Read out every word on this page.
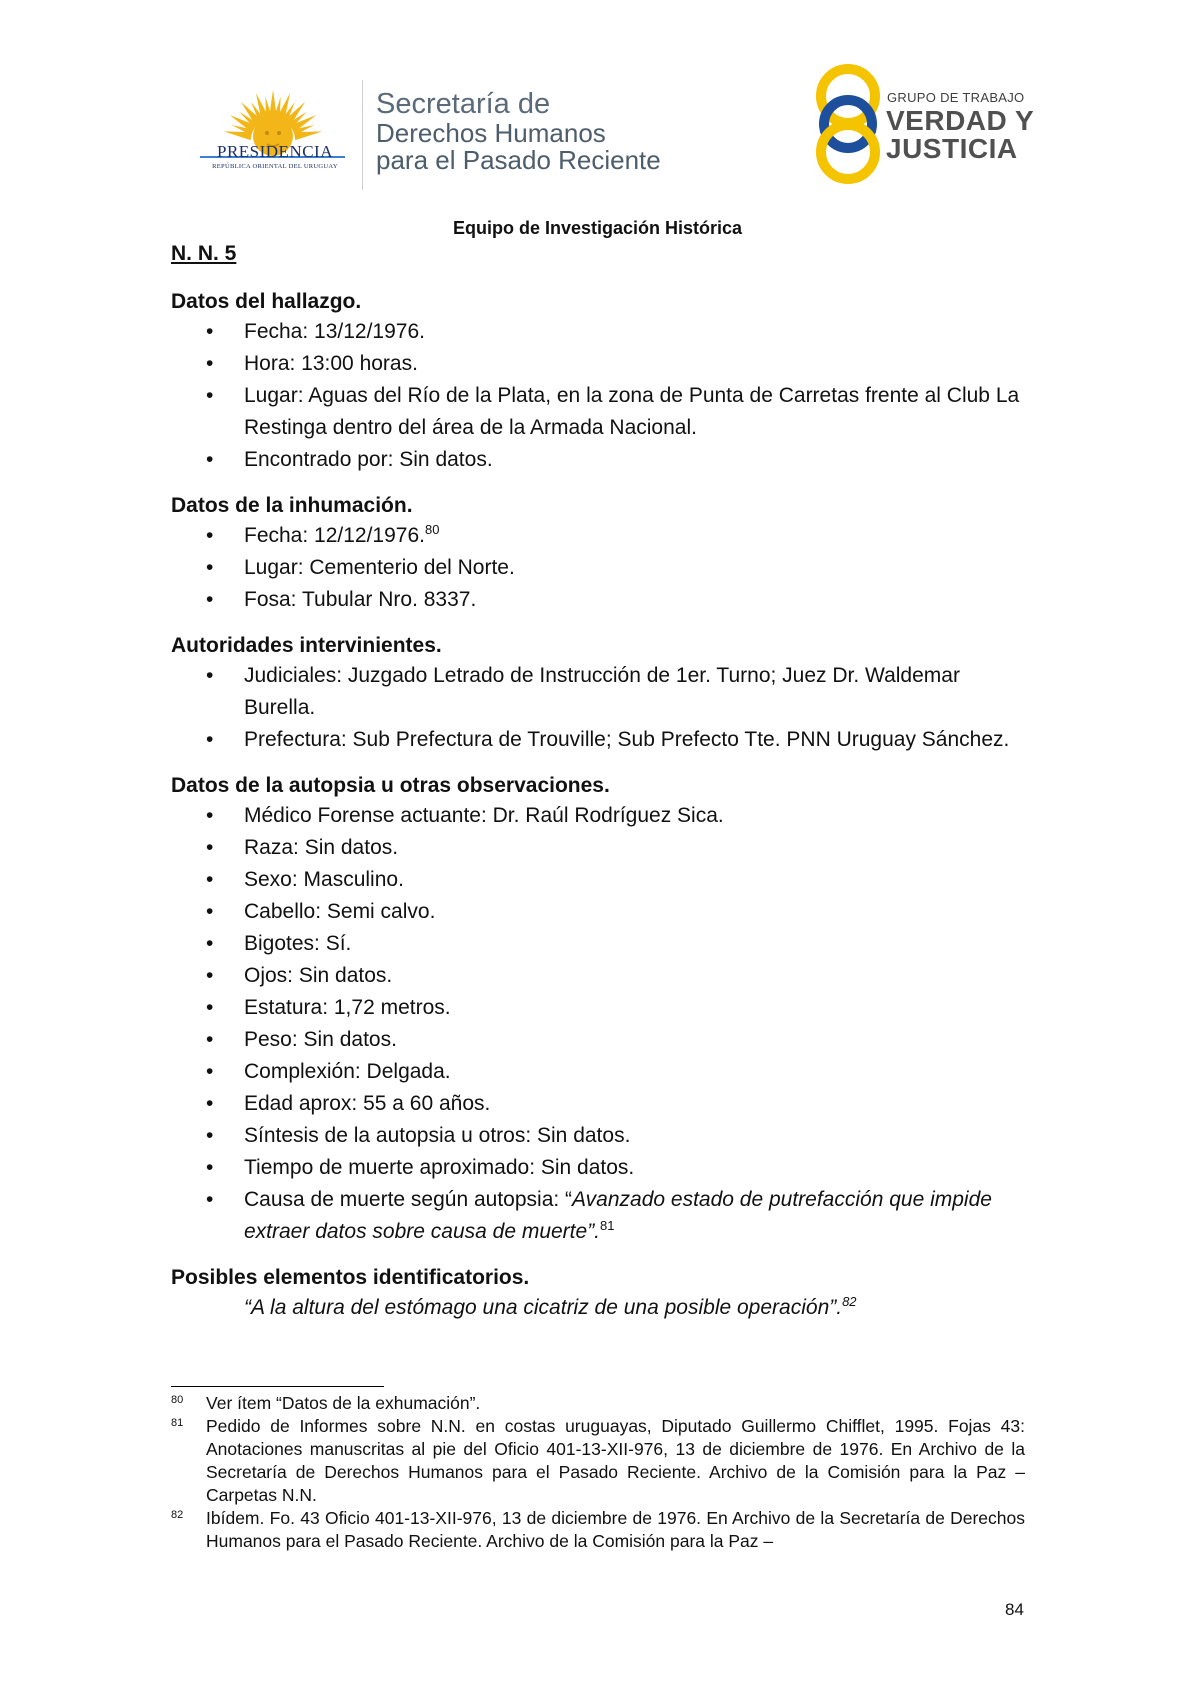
PRESIDENCIA
REPÚBLICA ORIENTAL DEL URUGUAY
Secretaría de
Derechos Humanos
para el Pasado Reciente
GRUPO DE TRABAJO
VERDAD Y
JUSTICIA
Equipo de Investigación Histórica
N. N. 5
Datos del hallazgo.
• Fecha: 13/12/1976.
• Hora: 13:00 horas.
• Lugar: Aguas del Río de la Plata, en la zona de Punta de Carretas frente al Club La Restinga dentro del área de la Armada Nacional.
• Encontrado por: Sin datos.
Datos de la inhumación.
• Fecha: 12/12/1976.80
• Lugar: Cementerio del Norte.
• Fosa: Tubular Nro. 8337.
Autoridades intervinientes.
• Judiciales: Juzgado Letrado de Instrucción de 1er. Turno; Juez Dr. Waldemar Burella.
• Prefectura: Sub Prefectura de Trouville; Sub Prefecto Tte. PNN Uruguay Sánchez.
Datos de la autopsia u otras observaciones.
• Médico Forense actuante: Dr. Raúl Rodríguez Sica.
• Raza: Sin datos.
• Sexo: Masculino.
• Cabello: Semi calvo.
• Bigotes: Sí.
• Ojos: Sin datos.
• Estatura: 1,72 metros.
• Peso: Sin datos.
• Complexión: Delgada.
• Edad aprox: 55 a 60 años.
• Síntesis de la autopsia u otros: Sin datos.
• Tiempo de muerte aproximado: Sin datos.
• Causa de muerte según autopsia: “Avanzado estado de putrefacción que impide extraer datos sobre causa de muerte”.$^{81}$
Posibles elementos identificatorios.

“A la altura del estómago una cicatriz de una posible operación”.$^{82}$

80 Ver ítem “Datos de la exhumación”.
81 Pedido de Informes sobre N.N. en costas uruguayas, Diputado Guillermo Chifflet, 1995. Fojas 43: Anotaciones manuscritas al pie del Oficio 401-13-XII-976, 13 de diciembre de 1976. En Archivo de la Secretaría de Derechos Humanos para el Pasado Reciente. Archivo de la Comisión para la Paz – Carpetas N.N.
82 Ibídem. Fo. 43 Oficio 401-13-XII-976, 13 de diciembre de 1976. En Archivo de la Secretaría de Derechos Humanos para el Pasado Reciente. Archivo de la Comisión para la Paz –
84
